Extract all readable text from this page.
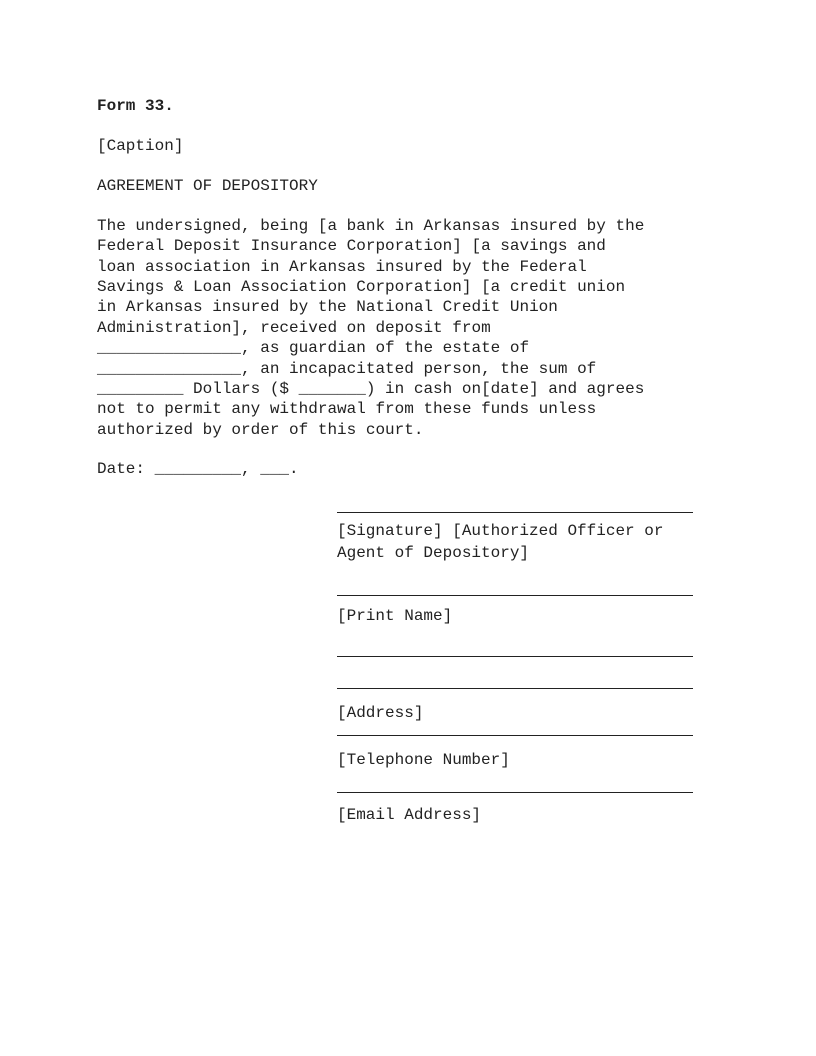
Form 33.

[Caption]

AGREEMENT OF DEPOSITORY

The undersigned, being [a bank in Arkansas insured by the

Federal Deposit Insurance Corporation] [a savings and

loan association in Arkansas insured by the Federal

Savings & Loan Association Corporation] [a credit union

in Arkansas insured by the National Credit Union

Administration], received on deposit from

_______________, as guardian of the estate of

_______________, an incapacitated person, the sum of

_________ Dollars ($ _______) in cash on[date] and agrees

not to permit any withdrawal from these funds unless

authorized by order of this court.

Date: _________, ___.

[Signature] [Authorized Officer or

Agent of Depository]

[Print Name]

[Address]

[Telephone Number]

[Email Address]
